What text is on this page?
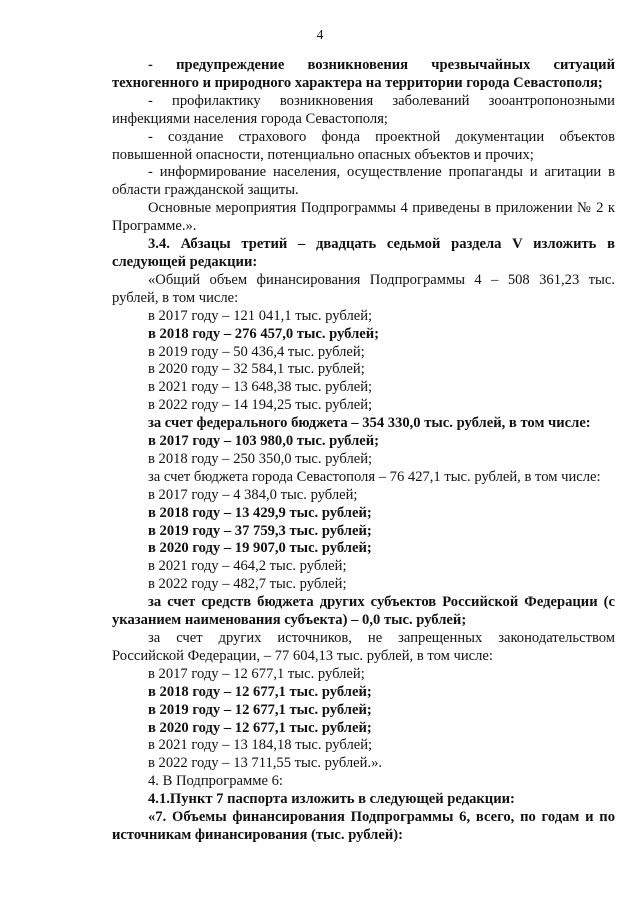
4

- предупреждение возникновения чрезвычайных ситуаций техногенного и природного характера на территории города Севастополя;

- профилактику возникновения заболеваний зооантропонозными инфекциями населения города Севастополя;

- создание страхового фонда проектной документации объектов повышенной опасности, потенциально опасных объектов и прочих;

- информирование населения, осуществление пропаганды и агитации в области гражданской защиты.

Основные мероприятия Подпрограммы 4 приведены в приложении № 2 к Программе.».

3.4. Абзацы третий – двадцать седьмой раздела V изложить в следующей редакции:

«Общий объем финансирования Подпрограммы 4 – 508 361,23 тыс. рублей, в том числе:

в 2017 году – 121 041,1 тыс. рублей;

в 2018 году – 276 457,0 тыс. рублей;

в 2019 году – 50 436,4 тыс. рублей;

в 2020 году – 32 584,1 тыс. рублей;

в 2021 году – 13 648,38 тыс. рублей;

в 2022 году – 14 194,25 тыс. рублей;

за счет федерального бюджета – 354 330,0 тыс. рублей, в том числе:

в 2017 году – 103 980,0 тыс. рублей;

в 2018 году – 250 350,0 тыс. рублей;

за счет бюджета города Севастополя – 76 427,1 тыс. рублей, в том числе:

в 2017 году – 4 384,0 тыс. рублей;

в 2018 году – 13 429,9 тыс. рублей;

в 2019 году – 37 759,3 тыс. рублей;

в 2020 году – 19 907,0 тыс. рублей;

в 2021 году – 464,2 тыс. рублей;

в 2022 году – 482,7 тыс. рублей;

за счет средств бюджета других субъектов Российской Федерации (с указанием наименования субъекта) – 0,0 тыс. рублей;

за счет других источников, не запрещенных законодательством Российской Федерации, – 77 604,13 тыс. рублей, в том числе:

в 2017 году – 12 677,1 тыс. рублей;

в 2018 году – 12 677,1 тыс. рублей;

в 2019 году – 12 677,1 тыс. рублей;

в 2020 году – 12 677,1 тыс. рублей;

в 2021 году – 13 184,18 тыс. рублей;

в 2022 году – 13 711,55 тыс. рублей.».

4. В Подпрограмме 6:

4.1.Пункт 7 паспорта изложить в следующей редакции:

«7. Объемы финансирования Подпрограммы 6, всего, по годам и по источникам финансирования (тыс. рублей):
